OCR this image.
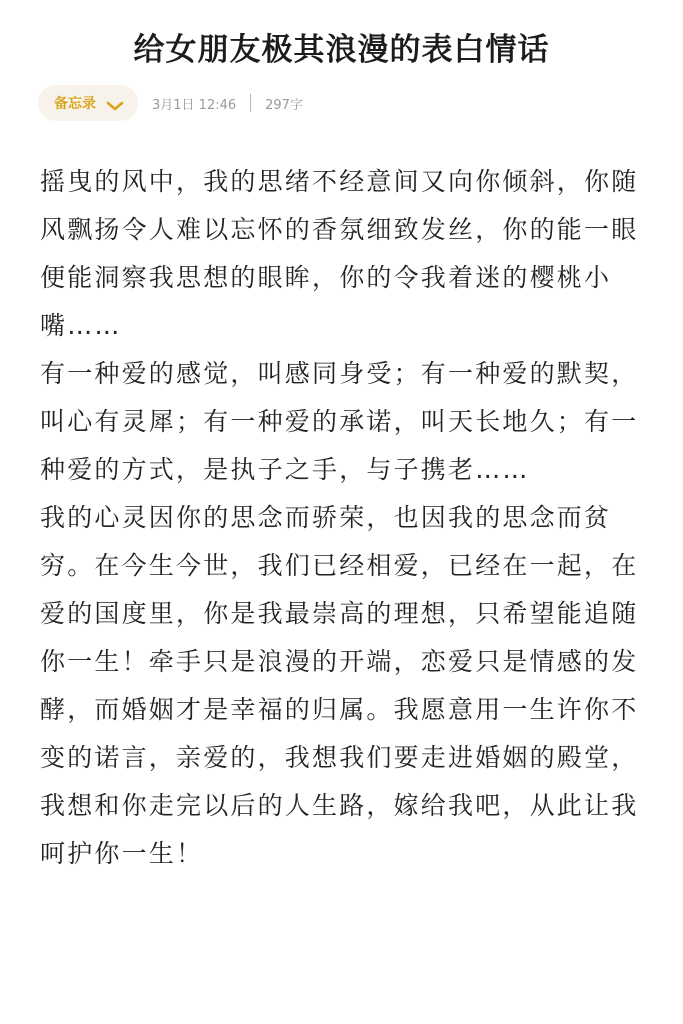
给女朋友极其浪漫的表白情话
备忘录	3月1日 12:46 297字

摇曳的风中，我的思绪不经意间又向你倾斜，你随风飘扬令人难以忘怀的香氛细致发丝，你的能一眼便能洞察我思想的眼眸，你的令我着迷的樱桃小嘴……

有一种爱的感觉，叫感同身受；有一种爱的默契，叫心有灵犀；有一种爱的承诺，叫天长地久；有一种爱的方式，是执子之手，与子携老……

我的心灵因你的思念而骄荣，也因我的思念而贫穷。在今生今世，我们已经相爱，已经在一起，在爱的国度里，你是我最崇高的理想，只希望能追随你一生！牵手只是浪漫的开端，恋爱只是情感的发酵，而婚姻才是幸福的归属。我愿意用一生许你不变的诺言，亲爱的，我想我们要走进婚姻的殿堂，我想和你走完以后的人生路，嫁给我吧，从此让我呵护你一生！
